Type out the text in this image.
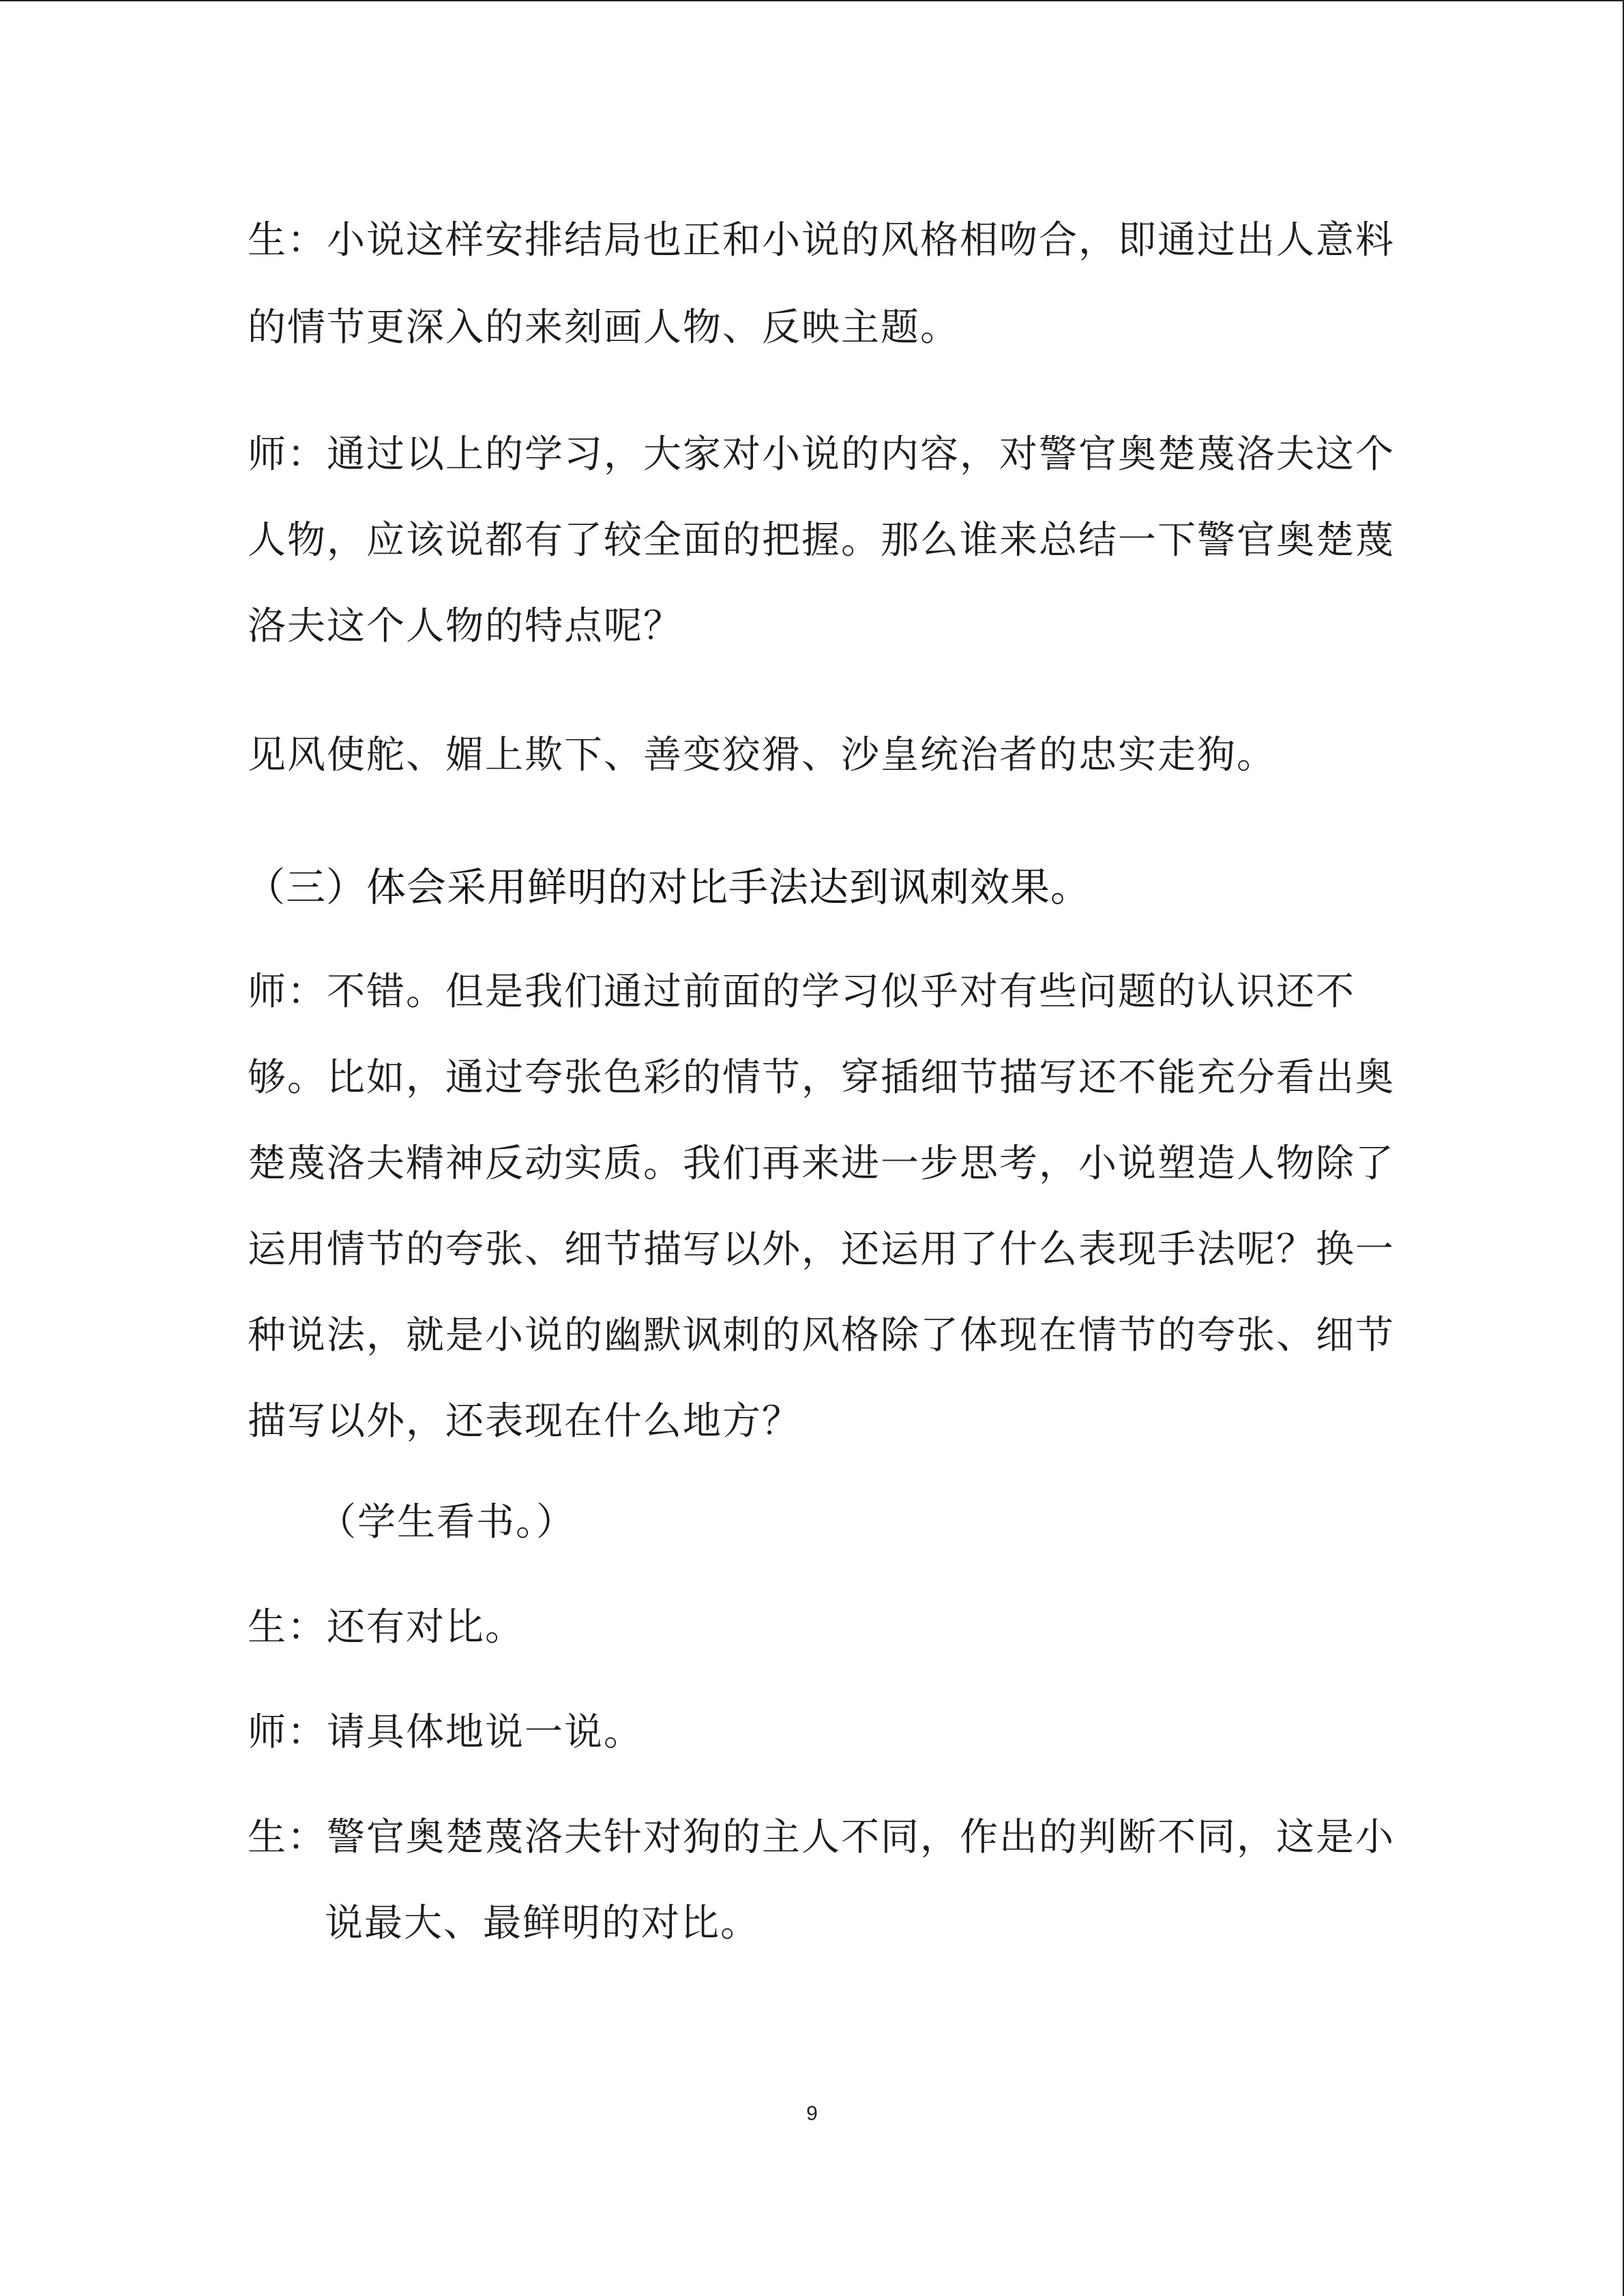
生：小说这样安排结局也正和小说的风格相吻合，即通过出人意料
的情节更深入的来刻画人物、反映主题。
师：通过以上的学习，大家对小说的内容，对警官奥楚蔑洛夫这个
人物，应该说都有了较全面的把握。那么谁来总结一下警官奥楚蔑
洛夫这个人物的特点呢？
见风使舵、媚上欺下、善变狡猾、沙皇统治者的忠实走狗。
（三）体会采用鲜明的对比手法达到讽刺效果。
师：不错。但是我们通过前面的学习似乎对有些问题的认识还不
够。比如，通过夸张色彩的情节，穿插细节描写还不能充分看出奥
楚蔑洛夫精神反动实质。我们再来进一步思考，小说塑造人物除了
运用情节的夸张、细节描写以外，还运用了什么表现手法呢？换一
种说法，就是小说的幽默讽刺的风格除了体现在情节的夸张、细节
描写以外，还表现在什么地方？
（学生看书。）
生：还有对比。
师：请具体地说一说。
生：警官奥楚蔑洛夫针对狗的主人不同，作出的判断不同，这是小
说最大、最鲜明的对比。
9
